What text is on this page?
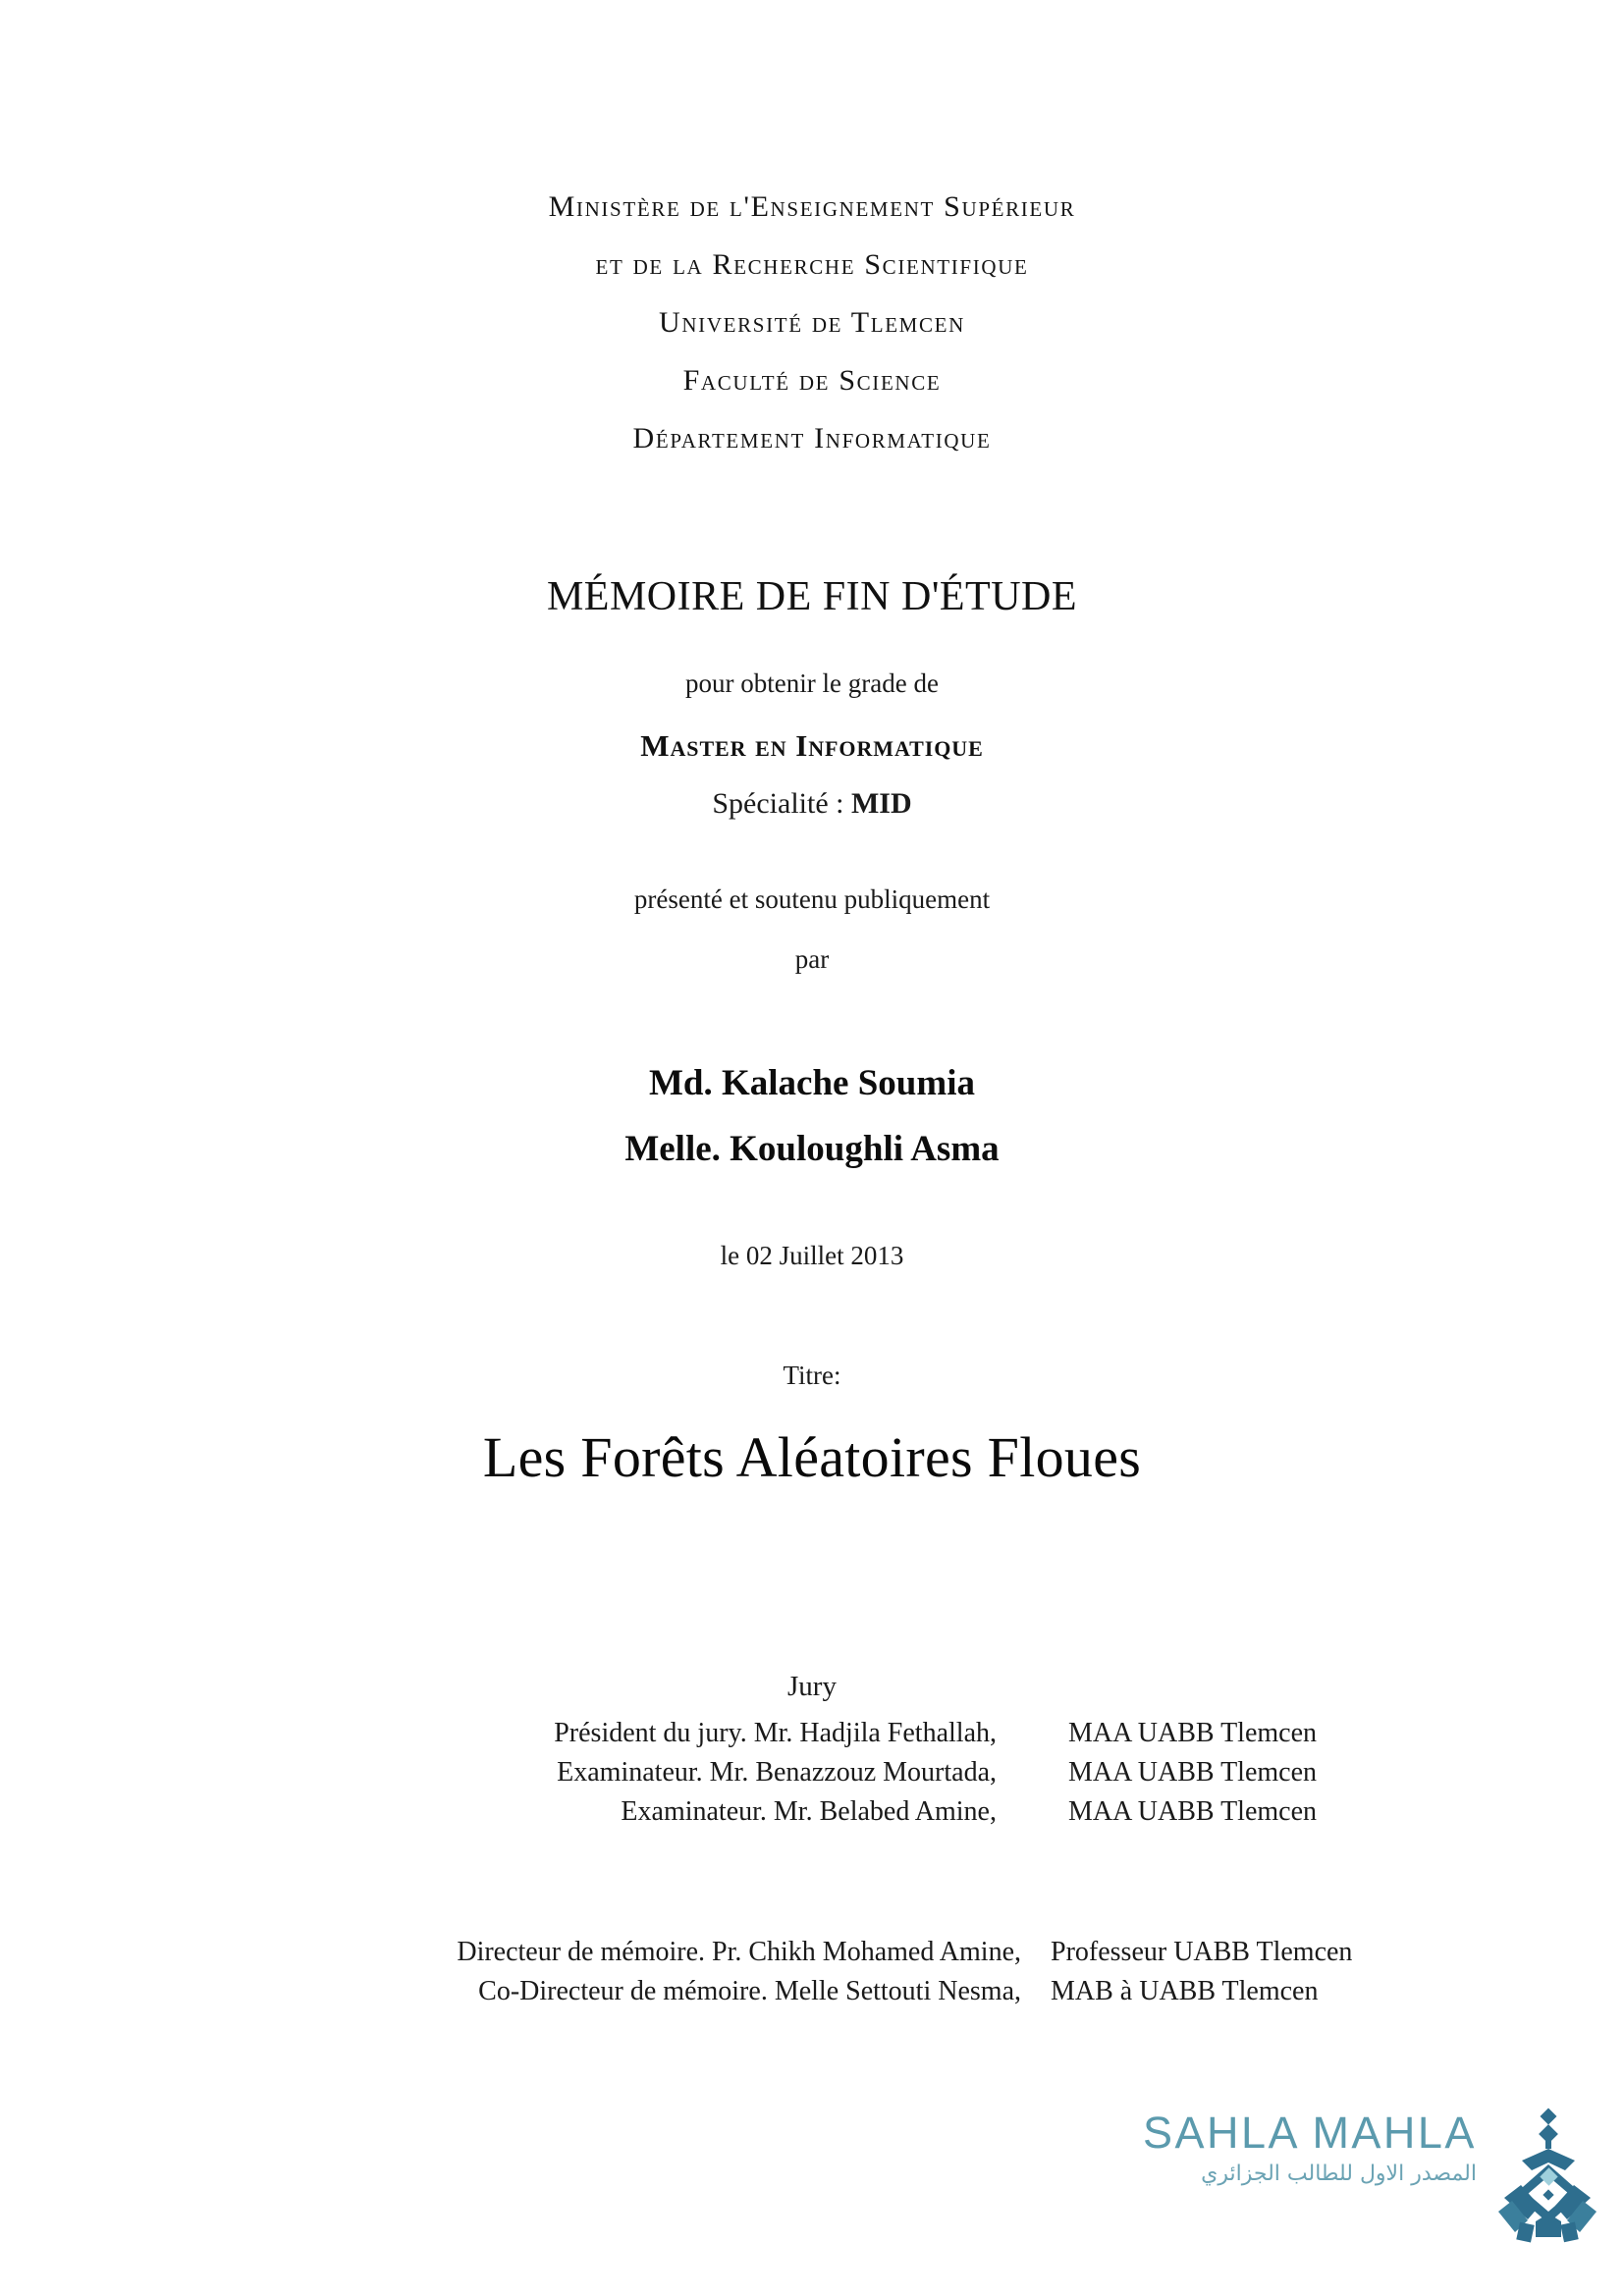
Ministère de l'Enseignement Supérieur
et de la Recherche Scientifique
Université de Tlemcen
Faculté de Science
Département Informatique
MÉMOIRE DE FIN D'ÉTUDE
pour obtenir le grade de
Master en Informatique
Spécialité : MID
présenté et soutenu publiquement
par
Md. Kalache Soumia
Melle. Kouloughli Asma
le 02 Juillet 2013
Titre:
Les Forêts Aléatoires Floues
Jury
Président du jury. Mr. Hadjila Fethallah,	MAA UABB Tlemcen
Examinateur. Mr. Benazzouz Mourtada,	MAA UABB Tlemcen
Examinateur. Mr. Belabed Amine,	MAA UABB Tlemcen
Directeur de mémoire. Pr. Chikh Mohamed Amine, Professeur UABB Tlemcen
Co-Directeur de mémoire. Melle Settouti Nesma, MAB à UABB Tlemcen
SAHLA MAHLA
المصدر الاول للطالب الجزائري
